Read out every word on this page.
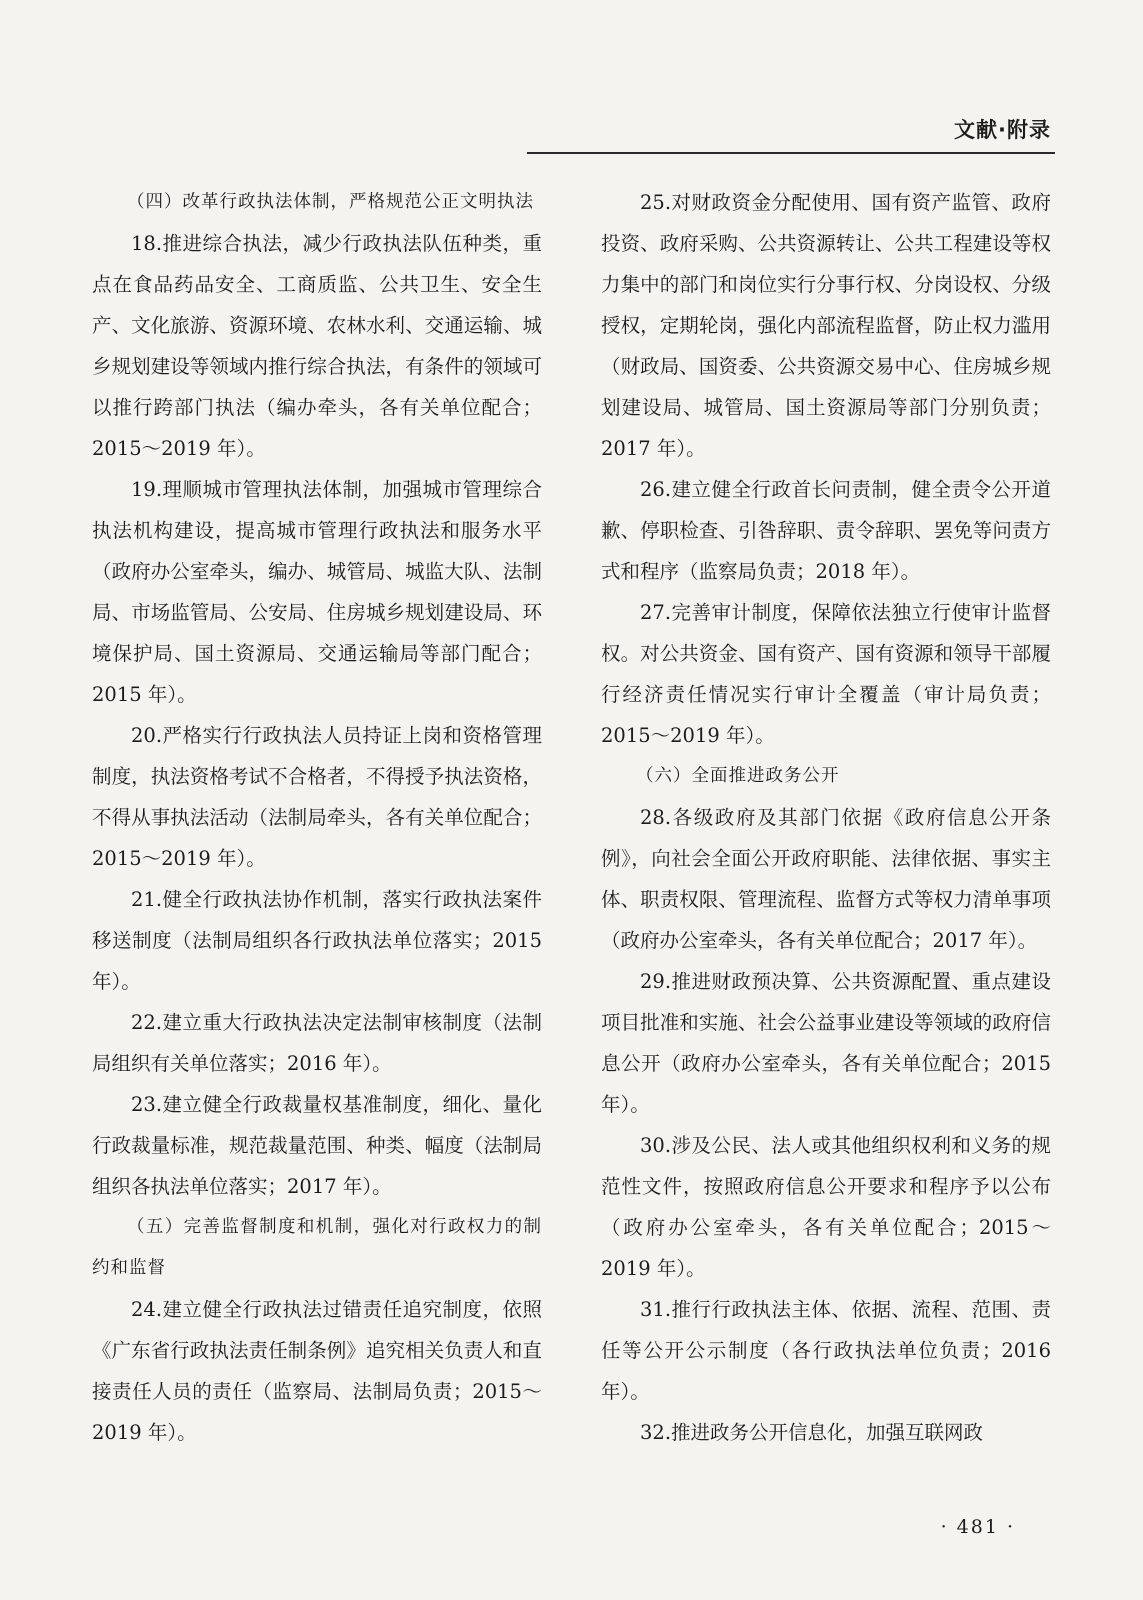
文献·附录

（四）改革行政执法体制，严格规范公正文明执法

18.推进综合执法，减少行政执法队伍种类，重点在食品药品安全、工商质监、公共卫生、安全生产、文化旅游、资源环境、农林水利、交通运输、城乡规划建设等领域内推行综合执法，有条件的领域可以推行跨部门执法（编办牵头，各有关单位配合；2015～2019 年）。

19.理顺城市管理执法体制，加强城市管理综合执法机构建设，提高城市管理行政执法和服务水平（政府办公室牵头，编办、城管局、城监大队、法制局、市场监管局、公安局、住房城乡规划建设局、环境保护局、国土资源局、交通运输局等部门配合；2015 年）。

20.严格实行行政执法人员持证上岗和资格管理制度，执法资格考试不合格者，不得授予执法资格，不得从事执法活动（法制局牵头，各有关单位配合；2015～2019 年）。

21.健全行政执法协作机制，落实行政执法案件移送制度（法制局组织各行政执法单位落实；2015 年）。

22.建立重大行政执法决定法制审核制度（法制局组织有关单位落实；2016 年）。

23.建立健全行政裁量权基准制度，细化、量化行政裁量标准，规范裁量范围、种类、幅度（法制局组织各执法单位落实；2017 年）。

（五）完善监督制度和机制，强化对行政权力的制约和监督

24.建立健全行政执法过错责任追究制度，依照《广东省行政执法责任制条例》追究相关负责人和直接责任人员的责任（监察局、法制局负责；2015～2019 年）。

25.对财政资金分配使用、国有资产监管、政府投资、政府采购、公共资源转让、公共工程建设等权力集中的部门和岗位实行分事行权、分岗设权、分级授权，定期轮岗，强化内部流程监督，防止权力滥用（财政局、国资委、公共资源交易中心、住房城乡规划建设局、城管局、国土资源局等部门分别负责；2017 年）。

26.建立健全行政首长问责制，健全责令公开道歉、停职检查、引咎辞职、责令辞职、罢免等问责方式和程序（监察局负责；2018 年）。

27.完善审计制度，保障依法独立行使审计监督权。对公共资金、国有资产、国有资源和领导干部履行经济责任情况实行审计全覆盖（审计局负责；2015～2019 年）。

（六）全面推进政务公开

28.各级政府及其部门依据《政府信息公开条例》，向社会全面公开政府职能、法律依据、事实主体、职责权限、管理流程、监督方式等权力清单事项（政府办公室牵头，各有关单位配合；2017 年）。

29.推进财政预决算、公共资源配置、重点建设项目批准和实施、社会公益事业建设等领域的政府信息公开（政府办公室牵头，各有关单位配合；2015 年）。

30.涉及公民、法人或其他组织权利和义务的规范性文件，按照政府信息公开要求和程序予以公布（政府办公室牵头，各有关单位配合；2015～2019 年）。

31.推行行政执法主体、依据、流程、范围、责任等公开公示制度（各行政执法单位负责；2016 年）。

32.推进政务公开信息化，加强互联网政

· 481 ·
